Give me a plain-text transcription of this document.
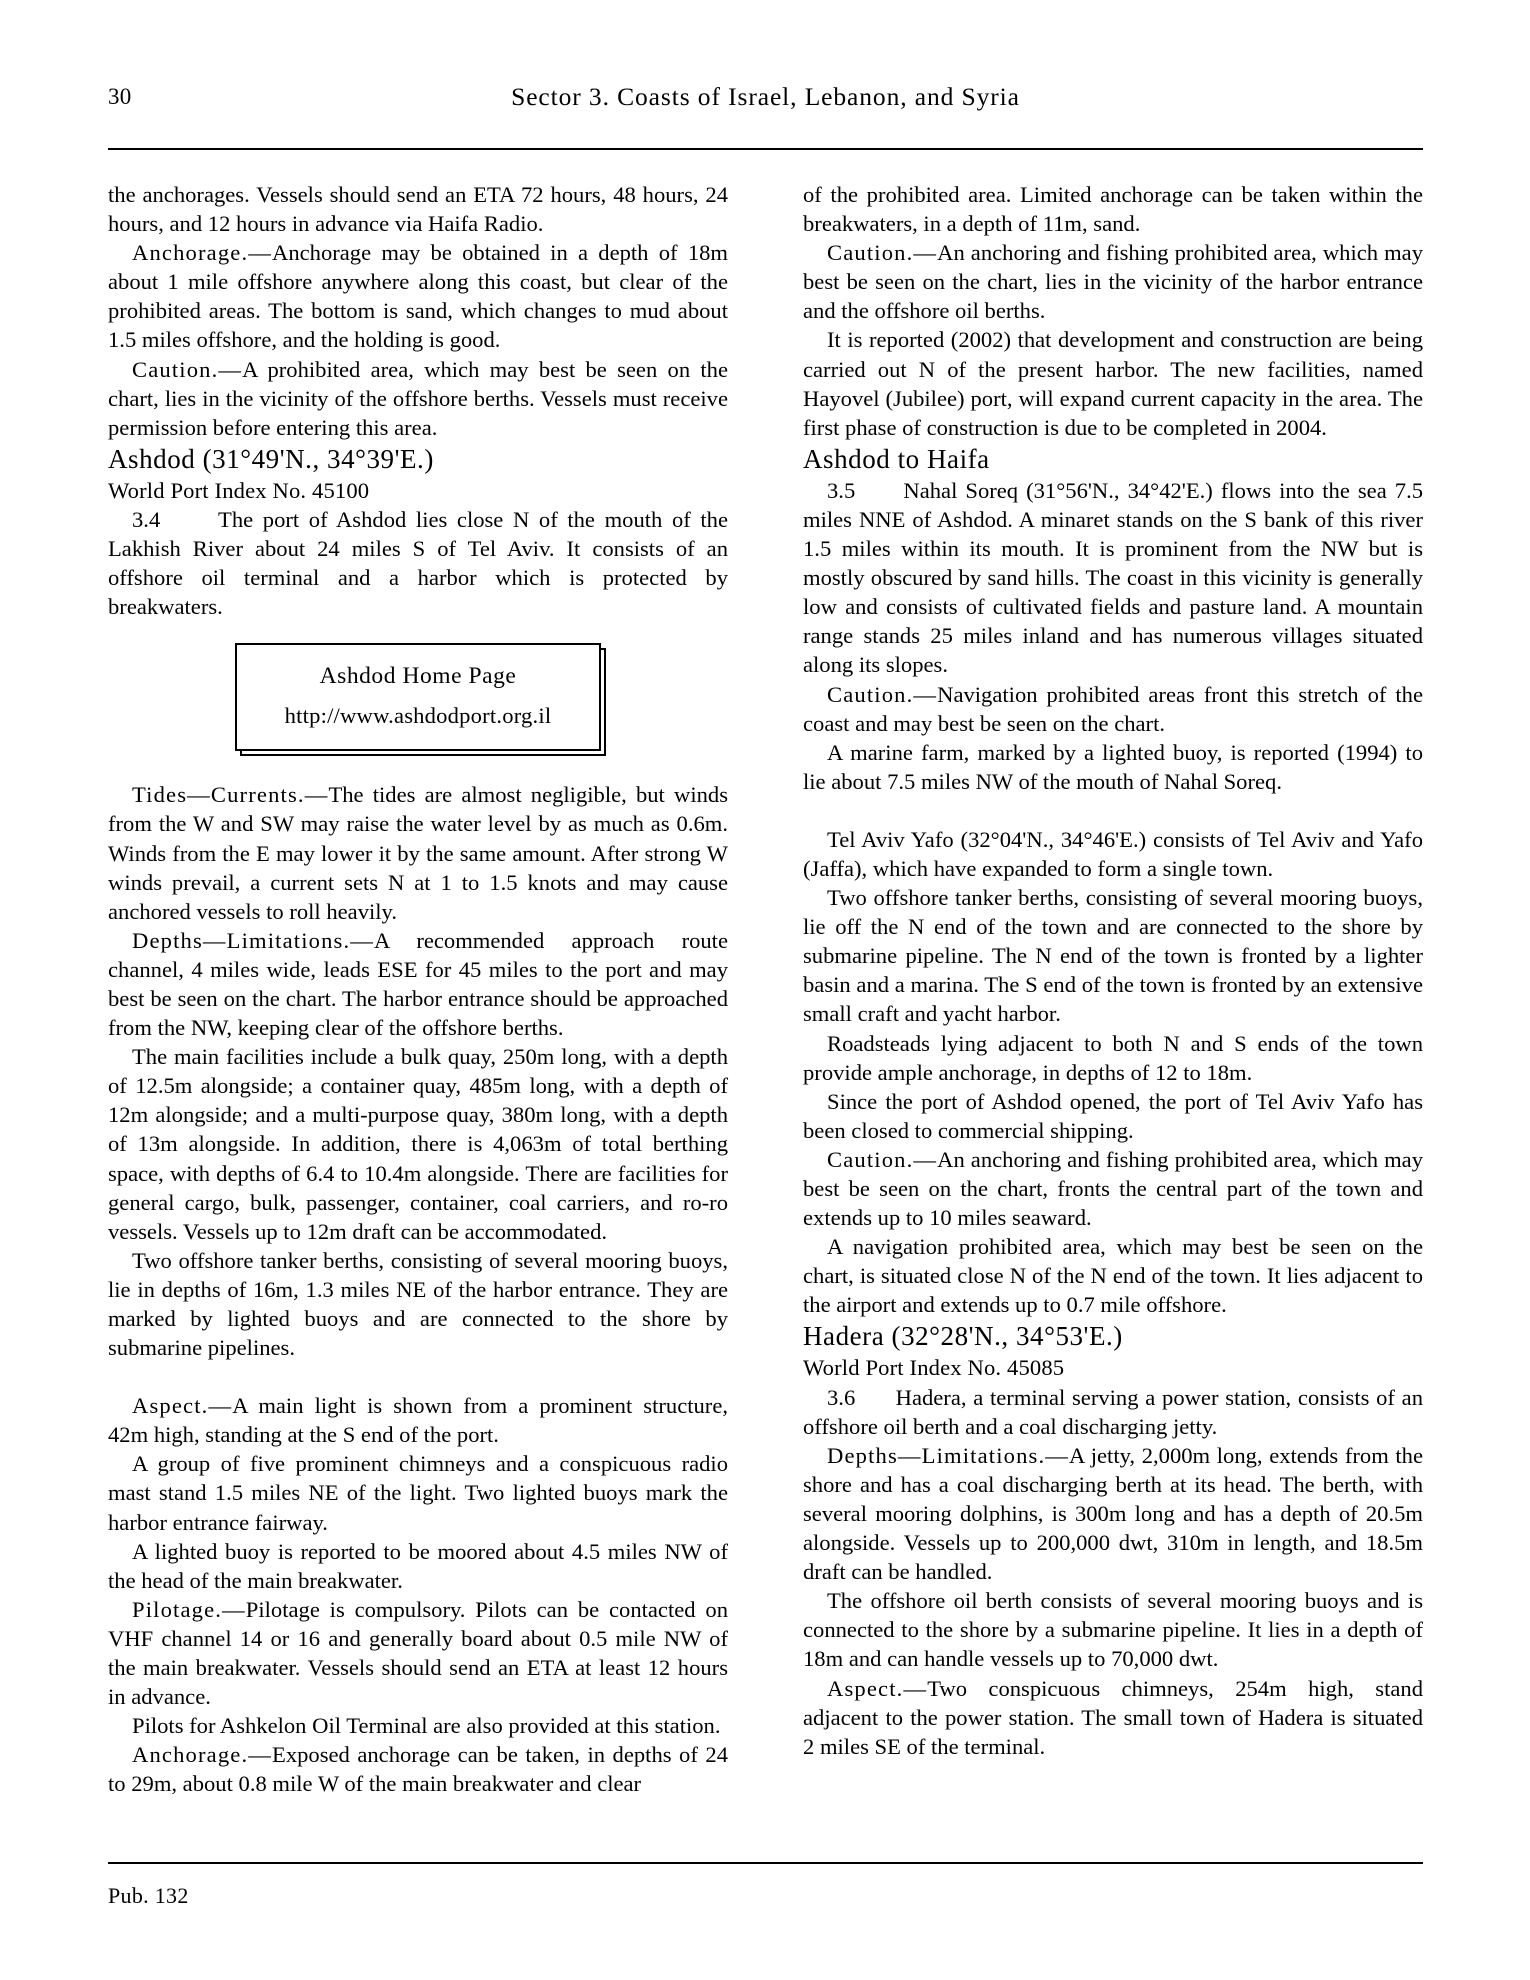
30	Sector 3. Coasts of Israel, Lebanon, and Syria

the anchorages. Vessels should send an ETA 72 hours, 48 hours, 24 hours, and 12 hours in advance via Haifa Radio.

Anchorage.—Anchorage may be obtained in a depth of 18m about 1 mile offshore anywhere along this coast, but clear of the prohibited areas. The bottom is sand, which changes to mud about 1.5 miles offshore, and the holding is good.

Caution.—A prohibited area, which may best be seen on the chart, lies in the vicinity of the offshore berths. Vessels must receive permission before entering this area.

Ashdod (31°49'N., 34°39'E.)

World Port Index No. 45100

3.4	The port of Ashdod lies close N of the mouth of the Lakhish River about 24 miles S of Tel Aviv. It consists of an offshore oil terminal and a harbor which is protected by breakwaters.

Ashdod Home Page
http://www.ashdodport.org.il

Tides—Currents.—The tides are almost negligible, but winds from the W and SW may raise the water level by as much as 0.6m. Winds from the E may lower it by the same amount. After strong W winds prevail, a current sets N at 1 to 1.5 knots and may cause anchored vessels to roll heavily.

Depths—Limitations.—A recommended approach route channel, 4 miles wide, leads ESE for 45 miles to the port and may best be seen on the chart. The harbor entrance should be approached from the NW, keeping clear of the offshore berths.

The main facilities include a bulk quay, 250m long, with a depth of 12.5m alongside; a container quay, 485m long, with a depth of 12m alongside; and a multi-purpose quay, 380m long, with a depth of 13m alongside. In addition, there is 4,063m of total berthing space, with depths of 6.4 to 10.4m alongside. There are facilities for general cargo, bulk, passenger, container, coal carriers, and ro-ro vessels. Vessels up to 12m draft can be accommodated.

Two offshore tanker berths, consisting of several mooring buoys, lie in depths of 16m, 1.3 miles NE of the harbor entrance. They are marked by lighted buoys and are connected to the shore by submarine pipelines.

Aspect.—A main light is shown from a prominent structure, 42m high, standing at the S end of the port.

A group of five prominent chimneys and a conspicuous radio mast stand 1.5 miles NE of the light. Two lighted buoys mark the harbor entrance fairway.

A lighted buoy is reported to be moored about 4.5 miles NW of the head of the main breakwater.

Pilotage.—Pilotage is compulsory. Pilots can be contacted on VHF channel 14 or 16 and generally board about 0.5 mile NW of the main breakwater. Vessels should send an ETA at least 12 hours in advance.

Pilots for Ashkelon Oil Terminal are also provided at this station.

Anchorage.—Exposed anchorage can be taken, in depths of 24 to 29m, about 0.8 mile W of the main breakwater and clear

of the prohibited area. Limited anchorage can be taken within the breakwaters, in a depth of 11m, sand.

Caution.—An anchoring and fishing prohibited area, which may best be seen on the chart, lies in the vicinity of the harbor entrance and the offshore oil berths.

It is reported (2002) that development and construction are being carried out N of the present harbor. The new facilities, named Hayovel (Jubilee) port, will expand current capacity in the area. The first phase of construction is due to be completed in 2004.

Ashdod to Haifa

3.5 Nahal Soreq (31°56'N., 34°42'E.) flows into the sea 7.5 miles NNE of Ashdod. A minaret stands on the S bank of this river 1.5 miles within its mouth. It is prominent from the NW but is mostly obscured by sand hills. The coast in this vicinity is generally low and consists of cultivated fields and pasture land. A mountain range stands 25 miles inland and has numerous villages situated along its slopes.

Caution.—Navigation prohibited areas front this stretch of the coast and may best be seen on the chart.

A marine farm, marked by a lighted buoy, is reported (1994) to lie about 7.5 miles NW of the mouth of Nahal Soreq.

Tel Aviv Yafo (32°04'N., 34°46'E.) consists of Tel Aviv and Yafo (Jaffa), which have expanded to form a single town.

Two offshore tanker berths, consisting of several mooring buoys, lie off the N end of the town and are connected to the shore by submarine pipeline. The N end of the town is fronted by a lighter basin and a marina. The S end of the town is fronted by an extensive small craft and yacht harbor.

Roadsteads lying adjacent to both N and S ends of the town provide ample anchorage, in depths of 12 to 18m.

Since the port of Ashdod opened, the port of Tel Aviv Yafo has been closed to commercial shipping.

Caution.—An anchoring and fishing prohibited area, which may best be seen on the chart, fronts the central part of the town and extends up to 10 miles seaward.

A navigation prohibited area, which may best be seen on the chart, is situated close N of the N end of the town. It lies adjacent to the airport and extends up to 0.7 mile offshore.

Hadera (32°28'N., 34°53'E.)

World Port Index No. 45085

3.6 Hadera, a terminal serving a power station, consists of an offshore oil berth and a coal discharging jetty.

Depths—Limitations.—A jetty, 2,000m long, extends from the shore and has a coal discharging berth at its head. The berth, with several mooring dolphins, is 300m long and has a depth of 20.5m alongside. Vessels up to 200,000 dwt, 310m in length, and 18.5m draft can be handled.

The offshore oil berth consists of several mooring buoys and is connected to the shore by a submarine pipeline. It lies in a depth of 18m and can handle vessels up to 70,000 dwt.

Aspect.—Two conspicuous chimneys, 254m high, stand adjacent to the power station. The small town of Hadera is situated 2 miles SE of the terminal.

Pub. 132
